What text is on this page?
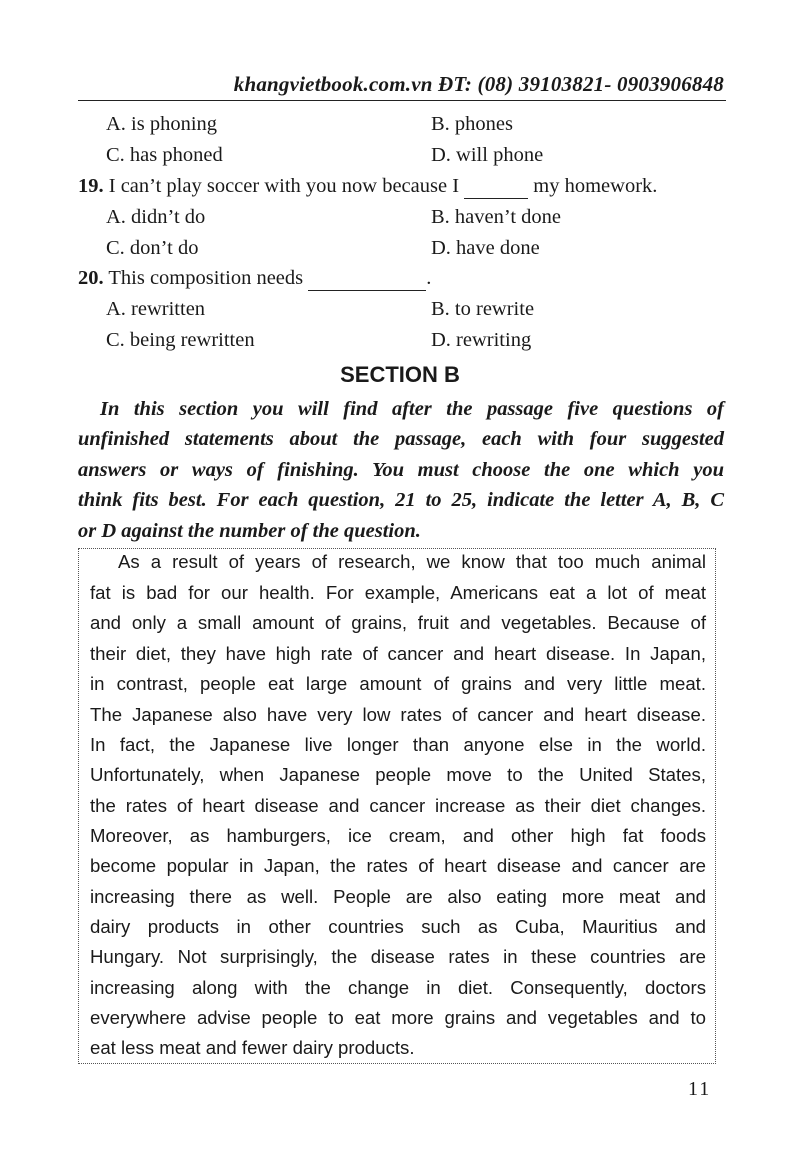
khangvietbook.com.vn ĐT: (08) 39103821- 0903906848
A. is phoning	B. phones
C. has phoned	D. will phone
19. I can’t play soccer with you now because I	my homework.
A. didn’t do	B. haven’t done
C. don’t do	D. have done
20. This composition needs	.
A. rewritten	B. to rewrite
C. being rewritten	D. rewriting
SECTION B
In this section you will find after the passage five questions of
unfinished statements about the passage, each with four suggested
answers or ways of finishing. You must choose the one which you
think fits best. For each question, 21 to 25, indicate the letter A, B, C
or D against the number of the question.
As a result of years of research, we know that too much animal
fat is bad for our health. For example, Americans eat a lot of meat
and only a small amount of grains, fruit and vegetables. Because of
their diet, they have high rate of cancer and heart disease. In Japan,
in contrast, people eat large amount of grains and very little meat.
The Japanese also have very low rates of cancer and heart disease.
In fact, the Japanese live longer than anyone else in the world.
Unfortunately, when Japanese people move to the United States,
the rates of heart disease and cancer increase as their diet changes.
Moreover, as hamburgers, ice cream, and other high fat foods
become popular in Japan, the rates of heart disease and cancer are
increasing there as well. People are also eating more meat and
dairy products in other countries such as Cuba, Mauritius and
Hungary. Not surprisingly, the disease rates in these countries are
increasing along with the change in diet. Consequently, doctors
everywhere advise people to eat more grains and vegetables and to
eat less meat and fewer dairy products.
11
